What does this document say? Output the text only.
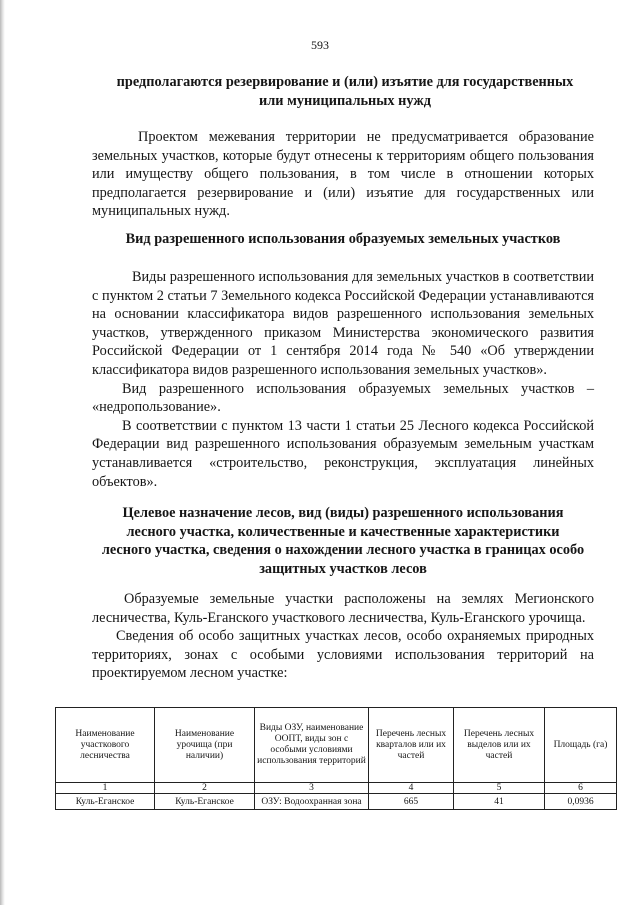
593
предполагаются резервирование и (или) изъятие для государственных или муниципальных нужд

Проектом межевания территории не предусматривается образование земельных участков, которые будут отнесены к территориям общего пользования или имуществу общего пользования, в том числе в отношении которых предполагается резервирование и (или) изъятие для государственных или муниципальных нужд.

Вид разрешенного использования образуемых земельных участков

Виды разрешенного использования для земельных участков в соответствии с пунктом 2 статьи 7 Земельного кодекса Российской Федерации устанавливаются на основании классификатора видов разрешенного использования земельных участков, утвержденного приказом Министерства экономического развития Российской Федерации от 1 сентября 2014 года № 540 «Об утверждении классификатора видов разрешенного использования земельных участков».

Вид разрешенного использования образуемых земельных участков – «недропользование».

В соответствии с пунктом 13 части 1 статьи 25 Лесного кодекса Российской Федерации вид разрешенного использования образуемым земельным участкам устанавливается «строительство, реконструкция, эксплуатация линейных объектов».

Целевое назначение лесов, вид (виды) разрешенного использования лесного участка, количественные и качественные характеристики лесного участка, сведения о нахождении лесного участка в границах особо защитных участков лесов

Образуемые земельные участки расположены на землях Мегионского лесничества, Куль-Еганского участкового лесничества, Куль-Еганского урочища.

Сведения об особо защитных участках лесов, особо охраняемых природных территориях, зонах с особыми условиями использования территорий на проектируемом лесном участке:

Наименование участкового лесничества	Наименование урочища (при наличии)	Виды ОЗУ, наименование ООПТ, виды зон с особыми условиями использования территорий	Перечень лесных кварталов или их частей	Перечень лесных выделов или их частей	Площадь (га)
1	2	3	4	5	6
Куль-Еганское	Куль-Еганское	ОЗУ: Водоохранная зона	665	41	0,0936
